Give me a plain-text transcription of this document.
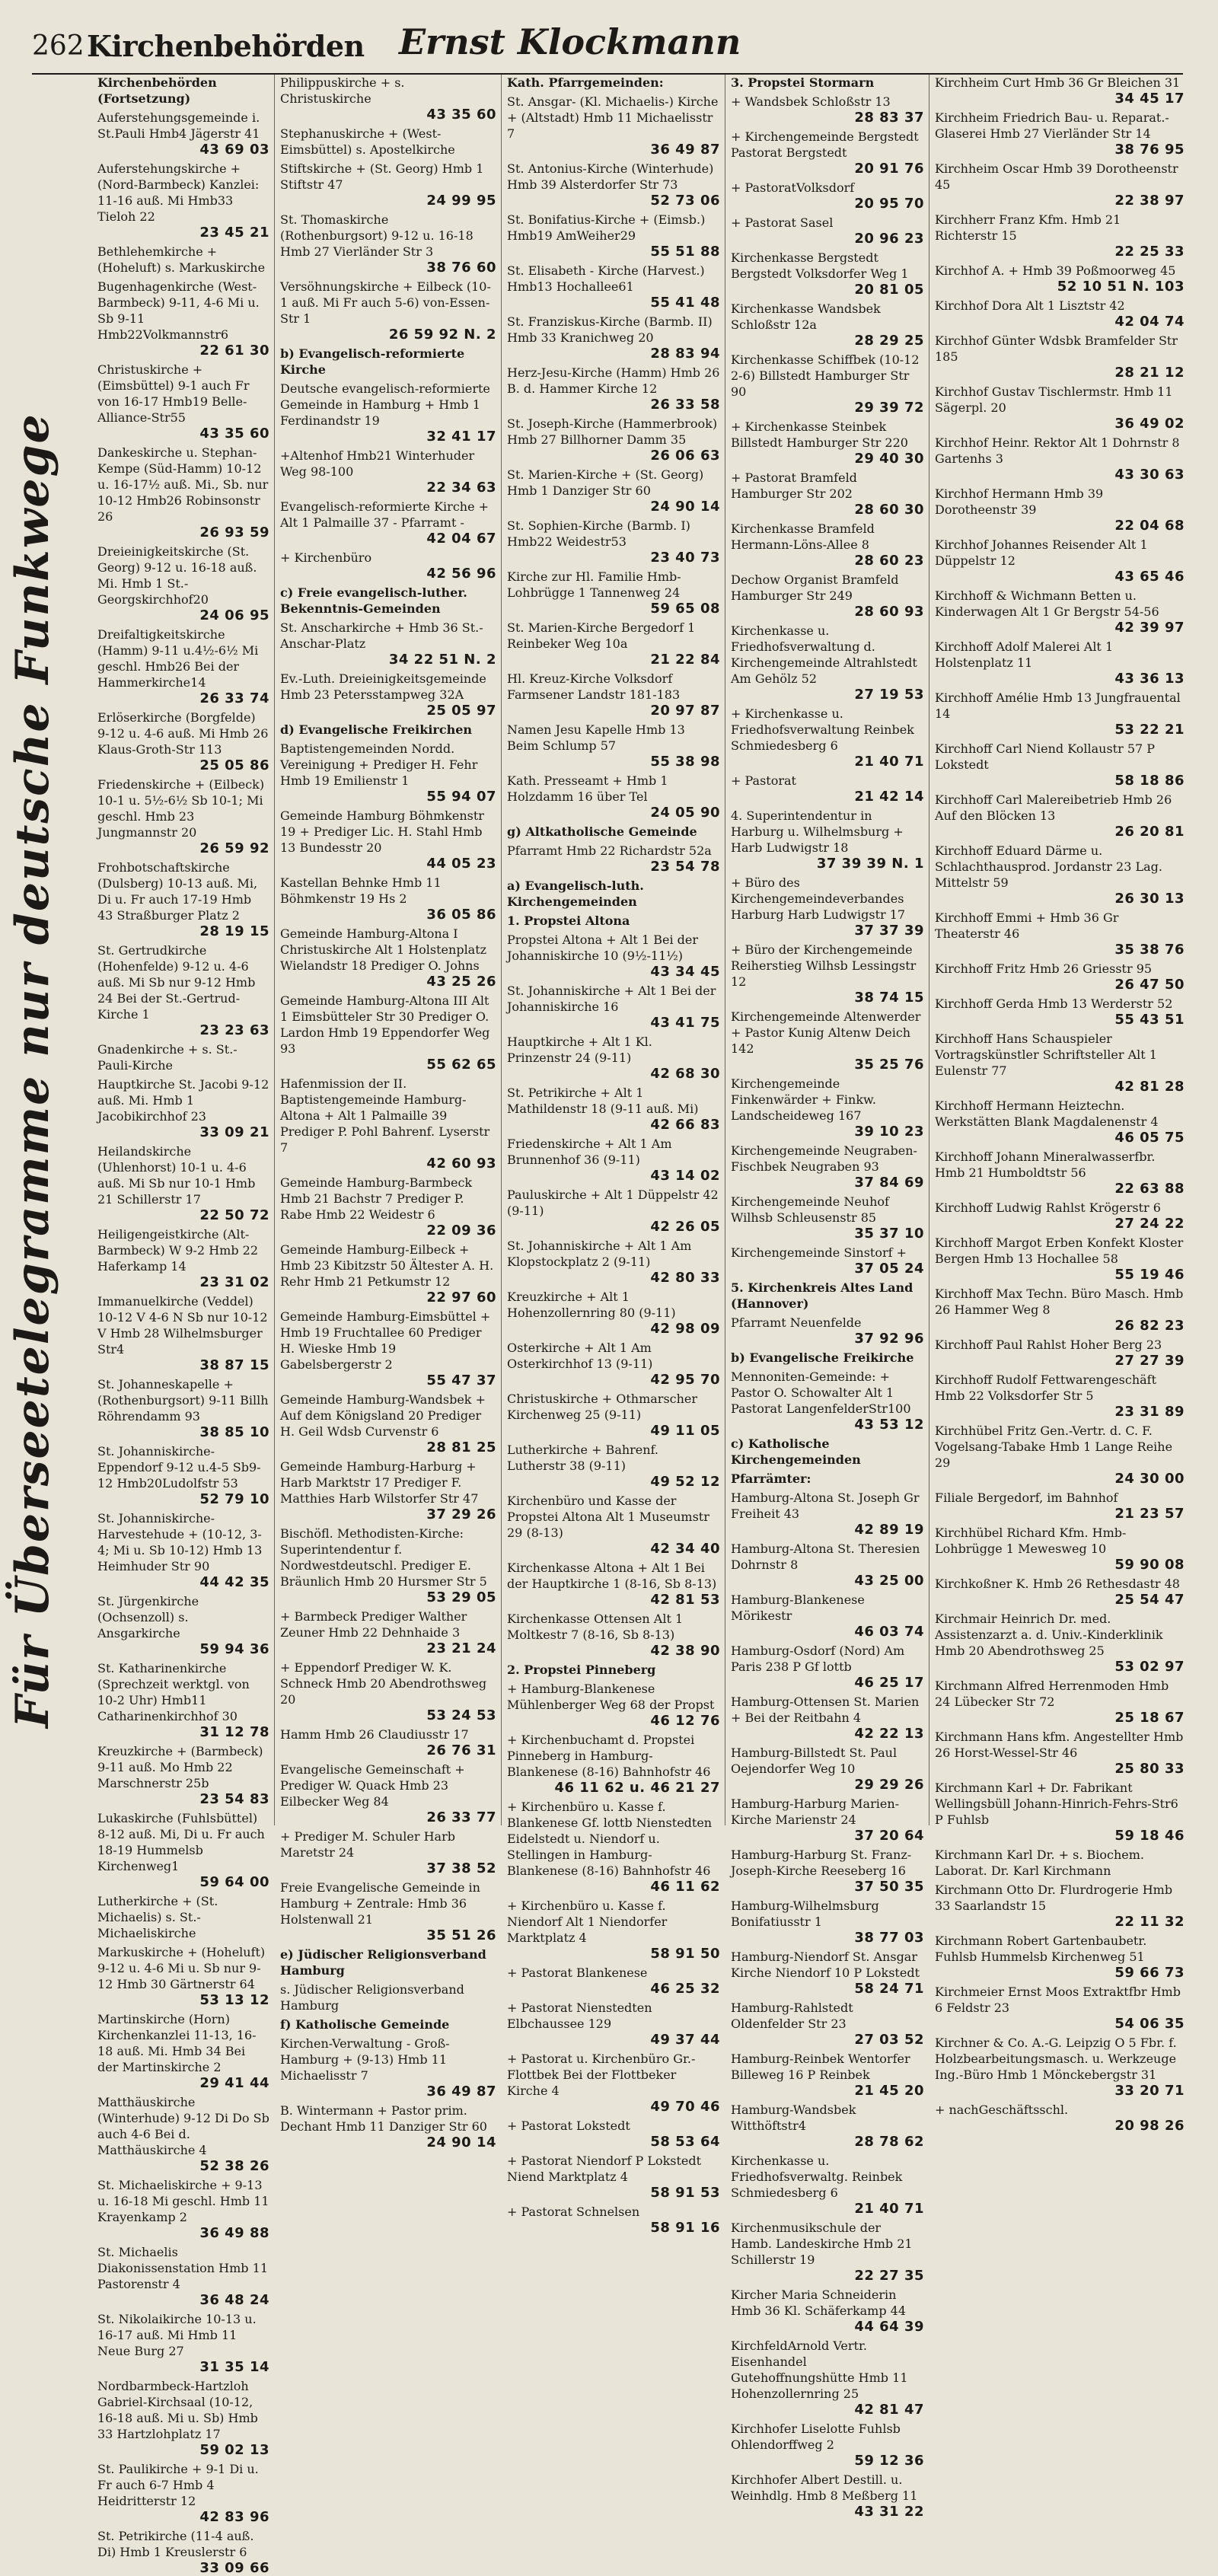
262 Kirchenbehörden Ernst Klockmann
Für Überseetelegramme nur deutsche Funkwege
Kirchenbehörden (Fortsetzung)
Auferstehungsgemeinde i. St.Pauli Hmb4 Jägerstr 41
43 69 03
Auferstehungskirche + (Nord-Barmbeck) Kanzlei: 11-16 auß. Mi Hmb33 Tieloh 22
23 45 21
Bethlehemkirche + (Hoheluft) s. Markuskirche
Bugenhagenkirche (West-Barmbeck) 9-11, 4-6 Mi u. Sb 9-11 Hmb22Volkmannstr6
22 61 30
Christuskirche + (Eimsbüttel) 9-1 auch Fr von 16-17 Hmb19 Belle-Alliance-Str55
43 35 60
Dankeskirche u. Stephan-Kempe (Süd-Hamm) 10-12 u. 16-17½ auß. Mi., Sb. nur 10-12 Hmb26 Robinsonstr 26
26 93 59
Dreieinigkeitskirche (St. Georg) 9-12 u. 16-18 auß. Mi. Hmb 1 St.-Georgskirchhof20
24 06 95
Dreifaltigkeitskirche (Hamm) 9-11 u.4½-6½ Mi geschl. Hmb26 Bei der Hammerkirche14
26 33 74
Erlöserkirche (Borgfelde) 9-12 u. 4-6 auß. Mi Hmb 26 Klaus-Groth-Str 113
25 05 86
Friedenskirche + (Eilbeck) 10-1 u. 5½-6½ Sb 10-1; Mi geschl. Hmb 23 Jungmannstr 20
26 59 92
Frohbotschaftskirche (Dulsberg) 10-13 auß. Mi, Di u. Fr auch 17-19 Hmb 43 Straßburger Platz 2
28 19 15
St. Gertrudkirche (Hohenfelde) 9-12 u. 4-6 auß. Mi Sb nur 9-12 Hmb 24 Bei der St.-Gertrud-Kirche 1
23 23 63
Gnadenkirche + s. St.-Pauli-Kirche
Hauptkirche St. Jacobi 9-12 auß. Mi. Hmb 1 Jacobikirchhof 23
33 09 21
Heilandskirche (Uhlenhorst) 10-1 u. 4-6 auß. Mi Sb nur 10-1 Hmb 21 Schillerstr 17
22 50 72
Heiligengeistkirche (Alt-Barmbeck) W 9-2 Hmb 22 Haferkamp 14
23 31 02
Immanuelkirche (Veddel) 10-12 V 4-6 N Sb nur 10-12 V Hmb 28 Wilhelmsburger Str4
38 87 15
St. Johanneskapelle + (Rothenburgsort) 9-11 Billh Röhrendamm 93
38 85 10
St. Johanniskirche-Eppendorf 9-12 u.4-5 Sb9-12 Hmb20Ludolfstr 53
52 79 10
St. Johanniskirche-Harvestehude + (10-12, 3-4; Mi u. Sb 10-12) Hmb 13 Heimhuder Str 90
44 42 35
St. Jürgenkirche (Ochsenzoll) s. Ansgarkirche
59 94 36
St. Katharinenkirche (Sprechzeit werktgl. von 10-2 Uhr) Hmb11 Catharinenkirchhof 30
31 12 78
Kreuzkirche + (Barmbeck) 9-11 auß. Mo Hmb 22 Marschnerstr 25b
23 54 83
Lukaskirche (Fuhlsbüttel) 8-12 auß. Mi, Di u. Fr auch 18-19 Hummelsb Kirchenweg1
59 64 00
Lutherkirche + (St. Michaelis) s. St.-Michaeliskirche
Markuskirche + (Hoheluft) 9-12 u. 4-6 Mi u. Sb nur 9-12 Hmb 30 Gärtnerstr 64
53 13 12
Martinskirche (Horn) Kirchenkanzlei 11-13, 16-18 auß. Mi. Hmb 34 Bei der Martinskirche 2
29 41 44
Matthäuskirche (Winterhude) 9-12 Di Do Sb auch 4-6 Bei d. Matthäuskirche 4
52 38 26
St. Michaeliskirche + 9-13 u. 16-18 Mi geschl. Hmb 11 Krayenkamp 2
36 49 88
St. Michaelis Diakonissenstation Hmb 11 Pastorenstr 4
36 48 24
St. Nikolaikirche 10-13 u. 16-17 auß. Mi Hmb 11 Neue Burg 27
31 35 14
Nordbarmbeck-Hartzloh Gabriel-Kirchsaal (10-12, 16-18 auß. Mi u. Sb) Hmb 33 Hartzlohplatz 17
59 02 13
St. Paulikirche + 9-1 Di u. Fr auch 6-7 Hmb 4 Heidritterstr 12
42 83 96
St. Petrikirche (11-4 auß. Di) Hmb 1 Kreuslerstr 6
33 09 66
Philippuskirche + s. Christuskirche
43 35 60
Stephanuskirche + (West-Eimsbüttel) s. Apostelkirche
Stiftskirche + (St. Georg) Hmb 1 Stiftstr 47
24 99 95
St. Thomaskirche (Rothenburgsort) 9-12 u. 16-18 Hmb 27 Vierländer Str 3
38 76 60
Versöhnungskirche + Eilbeck (10-1 auß. Mi Fr auch 5-6) von-Essen-Str 1
26 59 92 N. 2
b) Evangelisch-reformierte Kirche
Deutsche evangelisch-reformierte Gemeinde in Hamburg + Hmb 1 Ferdinandstr 19
32 41 17
+Altenhof Hmb21 Winterhuder Weg 98-100
22 34 63
Evangelisch-reformierte Kirche + Alt 1 Palmaille 37 - Pfarramt -
42 04 67
+ Kirchenbüro
42 56 96
c) Freie evangelisch-luther. Bekenntnis-Gemeinden
St. Anscharkirche + Hmb 36 St.-Anschar-Platz
34 22 51 N. 2
Ev.-Luth. Dreieinigkeitsgemeinde Hmb 23 Petersstampweg 32A
25 05 97
d) Evangelische Freikirchen
Baptistengemeinden Nordd. Vereinigung + Prediger H. Fehr Hmb 19 Emilienstr 1
55 94 07
Gemeinde Hamburg Böhmkenstr 19 + Prediger Lic. H. Stahl Hmb 13 Bundesstr 20
44 05 23
Kastellan Behnke Hmb 11 Böhmkenstr 19 Hs 2
36 05 86
Gemeinde Hamburg-Altona I Christuskirche Alt 1 Holstenplatz Wielandstr 18 Prediger O. Johns
43 25 26
Gemeinde Hamburg-Altona III Alt 1 Eimsbütteler Str 30 Prediger O. Lardon Hmb 19 Eppendorfer Weg 93
55 62 65
Hafenmission der II. Baptistengemeinde Hamburg-Altona + Alt 1 Palmaille 39 Prediger P. Pohl Bahrenf. Lyserstr 7
42 60 93
Gemeinde Hamburg-Barmbeck Hmb 21 Bachstr 7 Prediger P. Rabe Hmb 22 Weidestr 6
22 09 36
Gemeinde Hamburg-Eilbeck + Hmb 23 Kibitzstr 50 Ältester A. H. Rehr Hmb 21 Petkumstr 12
22 97 60
Gemeinde Hamburg-Eimsbüttel + Hmb 19 Fruchtallee 60 Prediger H. Wieske Hmb 19 Gabelsbergerstr 2
55 47 37
Gemeinde Hamburg-Wandsbek + Auf dem Königsland 20 Prediger H. Geil Wdsb Curvenstr 6
28 81 25
Gemeinde Hamburg-Harburg + Harb Marktstr 17 Prediger F. Matthies Harb Wilstorfer Str 47
37 29 26
Bischöfl. Methodisten-Kirche: Superintendentur f. Nordwestdeutschl. Prediger E. Bräunlich Hmb 20 Hursmer Str 5
53 29 05
+ Barmbeck Prediger Walther Zeuner Hmb 22 Dehnhaide 3
23 21 24
+ Eppendorf Prediger W. K. Schneck Hmb 20 Abendrothsweg 20
53 24 53
Hamm Hmb 26 Claudiusstr 17
26 76 31
Evangelische Gemeinschaft + Prediger W. Quack Hmb 23 Eilbecker Weg 84
26 33 77
+ Prediger M. Schuler Harb Maretstr 24
37 38 52
Freie Evangelische Gemeinde in Hamburg + Zentrale: Hmb 36 Holstenwall 21
35 51 26
e) Jüdischer Religionsverband Hamburg
s. Jüdischer Religionsverband Hamburg
f) Katholische Gemeinde
Kirchen-Verwaltung - Groß-Hamburg + (9-13) Hmb 11 Michaelisstr 7
36 49 87
B. Wintermann + Pastor prim. Dechant Hmb 11 Danziger Str 60
24 90 14
Kath. Pfarrgemeinden:
St. Ansgar- (Kl. Michaelis-) Kirche + (Altstadt) Hmb 11 Michaelisstr 7
36 49 87
St. Antonius-Kirche (Winterhude) Hmb 39 Alsterdorfer Str 73
52 73 06
St. Bonifatius-Kirche + (Eimsb.) Hmb19 AmWeiher29
55 51 88
St. Elisabeth - Kirche (Harvest.) Hmb13 Hochallee61
55 41 48
St. Franziskus-Kirche (Barmb. II) Hmb 33 Kranichweg 20
28 83 94
Herz-Jesu-Kirche (Hamm) Hmb 26 B. d. Hammer Kirche 12
26 33 58
St. Joseph-Kirche (Hammerbrook) Hmb 27 Billhorner Damm 35
26 06 63
St. Marien-Kirche + (St. Georg) Hmb 1 Danziger Str 60
24 90 14
St. Sophien-Kirche (Barmb. I) Hmb22 Weidestr53
23 40 73
Kirche zur Hl. Familie Hmb-Lohbrügge 1 Tannenweg 24
59 65 08
St. Marien-Kirche Bergedorf 1 Reinbeker Weg 10a
21 22 84
Hl. Kreuz-Kirche Volksdorf Farmsener Landstr 181-183
20 97 87
Namen Jesu Kapelle Hmb 13 Beim Schlump 57
55 38 98
Kath. Presseamt + Hmb 1 Holzdamm 16 über Tel
24 05 90
g) Altkatholische Gemeinde
Pfarramt Hmb 22 Richardstr 52a
23 54 78
a) Evangelisch-luth. Kirchengemeinden
1. Propstei Altona
Propstei Altona + Alt 1 Bei der Johanniskirche 10 (9½-11½)
43 34 45
St. Johanniskirche + Alt 1 Bei der Johanniskirche 16
43 41 75
Hauptkirche + Alt 1 Kl. Prinzenstr 24 (9-11)
42 68 30
St. Petrikirche + Alt 1 Mathildenstr 18 (9-11 auß. Mi)
42 66 83
Friedenskirche + Alt 1 Am Brunnenhof 36 (9-11)
43 14 02
Pauluskirche + Alt 1 Düppelstr 42 (9-11)
42 26 05
St. Johanniskirche + Alt 1 Am Klopstockplatz 2 (9-11)
42 80 33
Kreuzkirche + Alt 1 Hohenzollernring 80 (9-11)
42 98 09
Osterkirche + Alt 1 Am Osterkirchhof 13 (9-11)
42 95 70
Christuskirche + Othmarscher Kirchenweg 25 (9-11)
49 11 05
Lutherkirche + Bahrenf. Lutherstr 38 (9-11)
49 52 12
Kirchenbüro und Kasse der Propstei Altona Alt 1 Museumstr 29 (8-13)
42 34 40
Kirchenkasse Altona + Alt 1 Bei der Hauptkirche 1 (8-16, Sb 8-13)
42 81 53
Kirchenkasse Ottensen Alt 1 Moltkestr 7 (8-16, Sb 8-13)
42 38 90
2. Propstei Pinneberg
+ Hamburg-Blankenese Mühlenberger Weg 68 der Propst
46 12 76
+ Kirchenbuchamt d. Propstei Pinneberg in Hamburg-Blankenese (8-16) Bahnhofstr 46
46 11 62 u. 46 21 27
+ Kirchenbüro u. Kasse f. Blankenese Gf. lottb Nienstedten Eidelstedt u. Niendorf u. Stellingen in Hamburg-Blankenese (8-16) Bahnhofstr 46
46 11 62
+ Kirchenbüro u. Kasse f. Niendorf Alt 1 Niendorfer Marktplatz 4
58 91 50
+ Pastorat Blankenese
46 25 32
+ Pastorat Nienstedten Elbchaussee 129
49 37 44
+ Pastorat u. Kirchenbüro Gr.-Flottbek Bei der Flottbeker Kirche 4
49 70 46
+ Pastorat Lokstedt
58 53 64
+ Pastorat Niendorf P Lokstedt Niend Marktplatz 4
58 91 53
+ Pastorat Schnelsen
58 91 16
3. Propstei Stormarn
+ Wandsbek Schloßstr 13
28 83 37
+ Kirchengemeinde Bergstedt Pastorat Bergstedt
20 91 76
+ PastoratVolksdorf
20 95 70
+ Pastorat Sasel
20 96 23
Kirchenkasse Bergstedt Bergstedt Volksdorfer Weg 1
20 81 05
Kirchenkasse Wandsbek Schloßstr 12a
28 29 25
Kirchenkasse Schiffbek (10-12 2-6) Billstedt Hamburger Str 90
29 39 72
+ Kirchenkasse Steinbek Billstedt Hamburger Str 220
29 40 30
+ Pastorat Bramfeld Hamburger Str 202
28 60 30
Kirchenkasse Bramfeld Hermann-Löns-Allee 8
28 60 23
Dechow Organist Bramfeld Hamburger Str 249
28 60 93
Kirchenkasse u. Friedhofsverwaltung d. Kirchengemeinde Altrahlstedt Am Gehölz 52
27 19 53
+ Kirchenkasse u. Friedhofsverwaltung Reinbek Schmiedesberg 6
21 40 71
+ Pastorat
21 42 14
4. Superintendentur in Harburg u. Wilhelmsburg + Harb Ludwigstr 18
37 39 39 N. 1
+ Büro des Kirchengemeindeverbandes Harburg Harb Ludwigstr 17
37 37 39
+ Büro der Kirchengemeinde Reiherstieg Wilhsb Lessingstr 12
38 74 15
Kirchengemeinde Altenwerder + Pastor Kunig Altenw Deich 142
35 25 76
Kirchengemeinde Finkenwärder + Finkw. Landscheideweg 167
39 10 23
Kirchengemeinde Neugraben-Fischbek Neugraben 93
37 84 69
Kirchengemeinde Neuhof Wilhsb Schleusenstr 85
35 37 10
Kirchengemeinde Sinstorf +
37 05 24
5. Kirchenkreis Altes Land (Hannover)
Pfarramt Neuenfelde
37 92 96
b) Evangelische Freikirche
Mennoniten-Gemeinde: + Pastor O. Schowalter Alt 1 Pastorat LangenfelderStr100
43 53 12
c) Katholische Kirchengemeinden
Pfarrämter:
Hamburg-Altona St. Joseph Gr Freiheit 43
42 89 19
Hamburg-Altona St. Theresien Dohrnstr 8
43 25 00
Hamburg-Blankenese Mörikestr
46 03 74
Hamburg-Osdorf (Nord) Am Paris 238 P Gf lottb
46 25 17
Hamburg-Ottensen St. Marien + Bei der Reitbahn 4
42 22 13
Hamburg-Billstedt St. Paul Oejendorfer Weg 10
29 29 26
Hamburg-Harburg Marien-Kirche Marienstr 24
37 20 64
Hamburg-Harburg St. Franz-Joseph-Kirche Reeseberg 16
37 50 35
Hamburg-Wilhelmsburg Bonifatiusstr 1
38 77 03
Hamburg-Niendorf St. Ansgar Kirche Niendorf 10 P Lokstedt
58 24 71
Hamburg-Rahlstedt Oldenfelder Str 23
27 03 52
Hamburg-Reinbek Wentorfer Billeweg 16 P Reinbek
21 45 20
Hamburg-Wandsbek Witthöftstr4
28 78 62
Kirchenkasse u. Friedhofsverwaltg. Reinbek Schmiedesberg 6
21 40 71
Kirchenmusikschule der Hamb. Landeskirche Hmb 21 Schillerstr 19
22 27 35
Kircher Maria Schneiderin Hmb 36 Kl. Schäferkamp 44
44 64 39
KirchfeldArnold Vertr. Eisenhandel Gutehoffnungshütte Hmb 11 Hohenzollernring 25
42 81 47
Kirchhofer Liselotte Fuhlsb Ohlendorffweg 2
59 12 36
Kirchhofer Albert Destill. u. Weinhdlg. Hmb 8 Meßberg 11
43 31 22
Kirchheim Curt Hmb 36 Gr Bleichen 31
34 45 17
Kirchheim Friedrich Bau- u. Reparat.-Glaserei Hmb 27 Vierländer Str 14
38 76 95
Kirchheim Oscar Hmb 39 Dorotheenstr 45
22 38 97
Kirchherr Franz Kfm. Hmb 21 Richterstr 15
22 25 33
Kirchhof A. + Hmb 39 Poßmoorweg 45
52 10 51 N. 103
Kirchhof Dora Alt 1 Lisztstr 42
42 04 74
Kirchhof Günter Wdsbk Bramfelder Str 185
28 21 12
Kirchhof Gustav Tischlermstr. Hmb 11 Sägerpl. 20
36 49 02
Kirchhof Heinr. Rektor Alt 1 Dohrnstr 8 Gartenhs 3
43 30 63
Kirchhof Hermann Hmb 39 Dorotheenstr 39
22 04 68
Kirchhof Johannes Reisender Alt 1 Düppelstr 12
43 65 46
Kirchhoff & Wichmann Betten u. Kinderwagen Alt 1 Gr Bergstr 54-56
42 39 97
Kirchhoff Adolf Malerei Alt 1 Holstenplatz 11
43 36 13
Kirchhoff Amélie Hmb 13 Jungfrauental 14
53 22 21
Kirchhoff Carl Niend Kollaustr 57 P Lokstedt
58 18 86
Kirchhoff Carl Malereibetrieb Hmb 26 Auf den Blöcken 13
26 20 81
Kirchhoff Eduard Därme u. Schlachthausprod. Jordanstr 23 Lag. Mittelstr 59
26 30 13
Kirchhoff Emmi + Hmb 36 Gr Theaterstr 46
35 38 76
Kirchhoff Fritz Hmb 26 Griesstr 95
26 47 50
Kirchhoff Gerda Hmb 13 Werderstr 52
55 43 51
Kirchhoff Hans Schauspieler Vortragskünstler Schriftsteller Alt 1 Eulenstr 77
42 81 28
Kirchhoff Hermann Heiztechn. Werkstätten Blank Magdalenenstr 4
46 05 75
Kirchhoff Johann Mineralwasserfbr. Hmb 21 Humboldtstr 56
22 63 88
Kirchhoff Ludwig Rahlst Krögerstr 6
27 24 22
Kirchhoff Margot Erben Konfekt Kloster Bergen Hmb 13 Hochallee 58
55 19 46
Kirchhoff Max Techn. Büro Masch. Hmb 26 Hammer Weg 8
26 82 23
Kirchhoff Paul Rahlst Hoher Berg 23
27 27 39
Kirchhoff Rudolf Fettwarengeschäft Hmb 22 Volksdorfer Str 5
23 31 89
Kirchhübel Fritz Gen.-Vertr. d. C. F. Vogelsang-Tabake Hmb 1 Lange Reihe 29
24 30 00
Filiale Bergedorf, im Bahnhof
21 23 57
Kirchhübel Richard Kfm. Hmb-Lohbrügge 1 Mewesweg 10
59 90 08
Kirchkoßner K. Hmb 26 Rethesdastr 48
25 54 47
Kirchmair Heinrich Dr. med. Assistenzarzt a. d. Univ.-Kinderklinik Hmb 20 Abendrothsweg 25
53 02 97
Kirchmann Alfred Herrenmoden Hmb 24 Lübecker Str 72
25 18 67
Kirchmann Hans kfm. Angestellter Hmb 26 Horst-Wessel-Str 46
25 80 33
Kirchmann Karl + Dr. Fabrikant Wellingsbüll Johann-Hinrich-Fehrs-Str6 P Fuhlsb
59 18 46
Kirchmann Karl Dr. + s. Biochem. Laborat. Dr. Karl Kirchmann
Kirchmann Otto Dr. Flurdrogerie Hmb 33 Saarlandstr 15
22 11 32
Kirchmann Robert Gartenbaubetr. Fuhlsb Hummelsb Kirchenweg 51
59 66 73
Kirchmeier Ernst Moos Extraktfbr Hmb 6 Feldstr 23
54 06 35
Kirchner & Co. A.-G. Leipzig O 5 Fbr. f. Holzbearbeitungsmasch. u. Werkzeuge Ing.-Büro Hmb 1 Mönckebergstr 31
33 20 71
+ nachGeschäftsschl.
20 98 26
